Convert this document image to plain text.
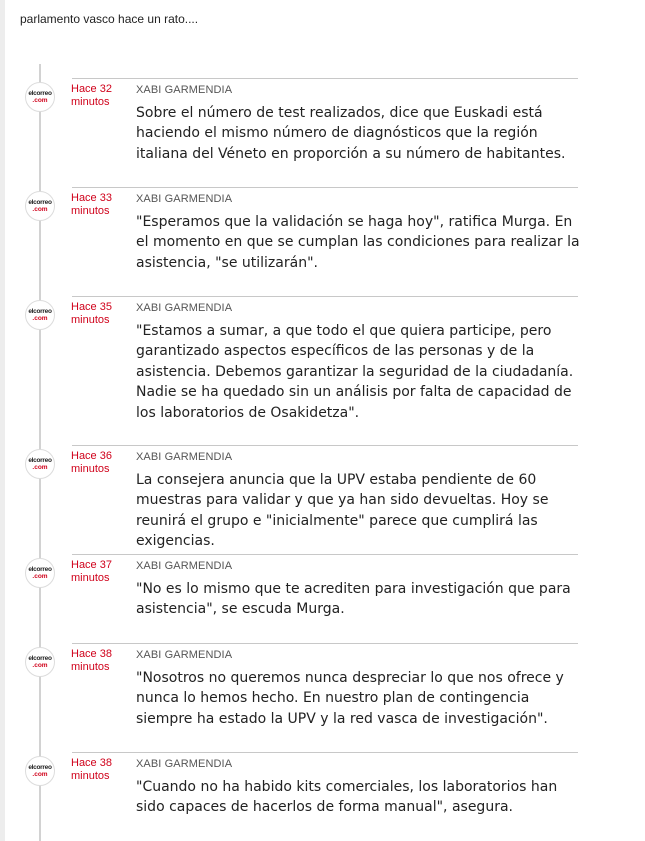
parlamento vasco hace un rato....
elcorreo
.com
Hace 32 minutos
XABI GARMENDIA
Sobre el número de test realizados, dice que Euskadi está haciendo el mismo número de diagnósticos que la región italiana del Véneto en proporción a su número de habitantes.
elcorreo
.com
Hace 33 minutos
XABI GARMENDIA
"Esperamos que la validación se haga hoy", ratifica Murga. En el momento en que se cumplan las condiciones para realizar la asistencia, "se utilizarán".
elcorreo
.com
Hace 35 minutos
XABI GARMENDIA
"Estamos a sumar, a que todo el que quiera participe, pero garantizado aspectos específicos de las personas y de la asistencia. Debemos garantizar la seguridad de la ciudadanía. Nadie se ha quedado sin un análisis por falta de capacidad de los laboratorios de Osakidetza".
elcorreo
.com
Hace 36 minutos
XABI GARMENDIA
La consejera anuncia que la UPV estaba pendiente de 60 muestras para validar y que ya han sido devueltas. Hoy se reunirá el grupo e "inicialmente" parece que cumplirá las exigencias.
elcorreo
.com
Hace 37 minutos
XABI GARMENDIA
"No es lo mismo que te acrediten para investigación que para asistencia", se escuda Murga.
elcorreo
.com
Hace 38 minutos
XABI GARMENDIA
"Nosotros no queremos nunca despreciar lo que nos ofrece y nunca lo hemos hecho. En nuestro plan de contingencia siempre ha estado la UPV y la red vasca de investigación".
elcorreo
.com
Hace 38 minutos
XABI GARMENDIA
"Cuando no ha habido kits comerciales, los laboratorios han sido capaces de hacerlos de forma manual", asegura.
